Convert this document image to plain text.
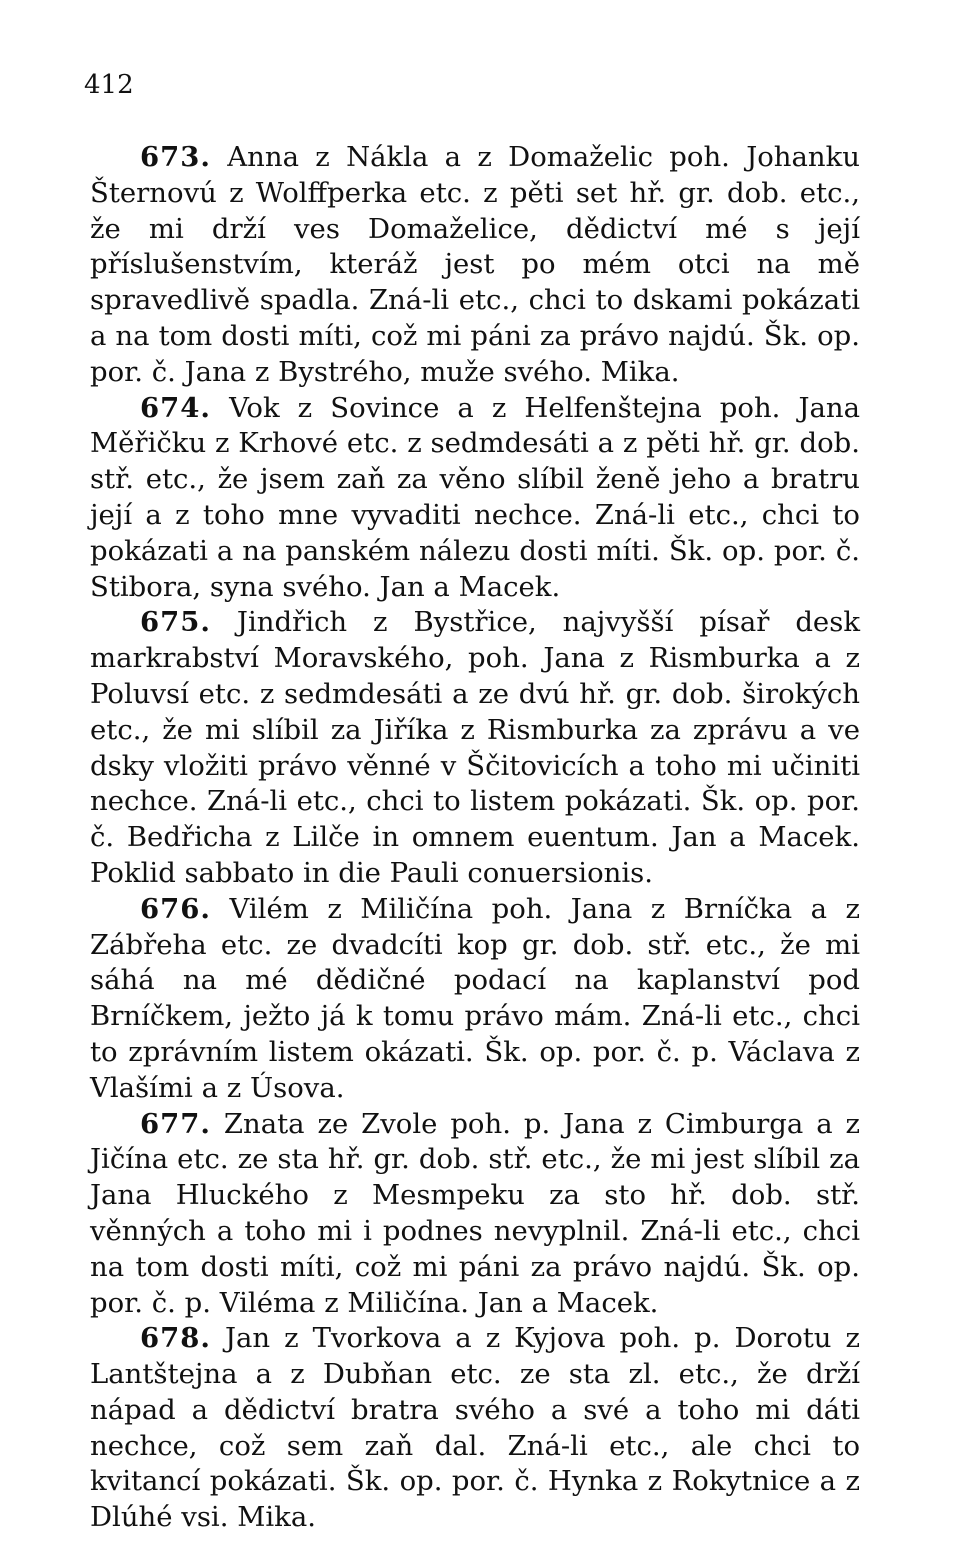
412

673. Anna z Nákla a z Domaželic poh. Johanku Šternovú z Wolffperka etc. z pěti set hř. gr. dob. etc., že mi drží ves Domaželice, dědictví mé s její příslušenstvím, kteráž jest po mém otci na mě spravedlivě spadla. Zná-li etc., chci to dskami pokázati a na tom dosti míti, což mi páni za právo najdú. Šk. op. por. č. Jana z Bystrého, muže svého. Mika.

674. Vok z Sovince a z Helfenštejna poh. Jana Měřičku z Krhové etc. z sedmdesáti a z pěti hř. gr. dob. stř. etc., že jsem zaň za věno slíbil ženě jeho a bratru její a z toho mne vyvaditi nechce. Zná-li etc., chci to pokázati a na panském nálezu dosti míti. Šk. op. por. č. Stibora, syna svého. Jan a Macek.

675. Jindřich z Bystřice, najvyšší písař desk markrabství Moravského, poh. Jana z Rismburka a z Poluvsí etc. z sedmdesáti a ze dvú hř. gr. dob. širokých etc., že mi slíbil za Jiříka z Rismburka za zprávu a ve dsky vložiti právo věnné v Ščitovicích a toho mi učiniti nechce. Zná-li etc., chci to listem pokázati. Šk. op. por. č. Bedřicha z Lilče in omnem euentum. Jan a Macek. Poklid sabbato in die Pauli conuersionis.

676. Vilém z Miličína poh. Jana z Brníčka a z Zábřeha etc. ze dvadcíti kop gr. dob. stř. etc., že mi sáhá na mé dědičné podací na kaplanství pod Brníčkem, ježto já k tomu právo mám. Zná-li etc., chci to zprávním listem okázati. Šk. op. por. č. p. Václava z Vlašími a z Úsova.

677. Znata ze Zvole poh. p. Jana z Cimburga a z Jičína etc. ze sta hř. gr. dob. stř. etc., že mi jest slíbil za Jana Hluckého z Mesmpeku za sto hř. dob. stř. věnných a toho mi i podnes nevyplnil. Zná-li etc., chci na tom dosti míti, což mi páni za právo najdú. Šk. op. por. č. p. Viléma z Miličína. Jan a Macek.

678. Jan z Tvorkova a z Kyjova poh. p. Dorotu z Lantštejna a z Dubňan etc. ze sta zl. etc., že drží nápad a dědictví bratra svého a své a toho mi dáti nechce, což sem zaň dal. Zná-li etc., ale chci to kvitancí pokázati. Šk. op. por. č. Hynka z Rokytnice a z Dlúhé vsi. Mika.
